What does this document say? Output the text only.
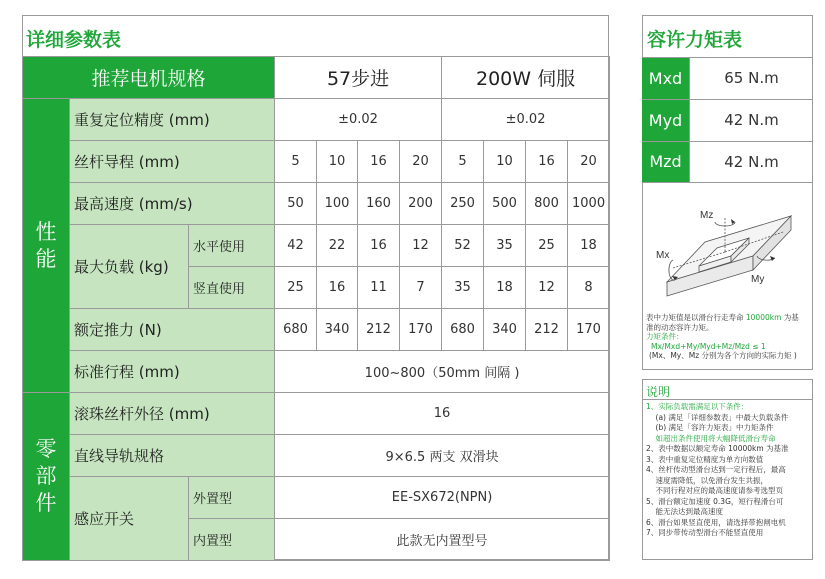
详细参数表
推荐电机规格			57步进				200W 伺服			
性
能	重复定位精度 (mm)		±0.02				±0.02			
	丝杆导程 (mm)		5	10	16	20	5	10	16	20
	最高速度 (mm/s)		50	100	160	200	250	500	800	1000
	最大负载 (kg)	水平使用	42	22	16	12	52	35	25	18
		竖直使用	25	16	11	7	35	18	12	8
	额定推力 (N)		680	340	212	170	680	340	212	170
	标准行程 (mm)		100~800（50mm 间隔 )							
零
部
件	滚珠丝杆外径 (mm)		16							
	直线导轨规格		9×6.5 两支 双滑块							
	感应开关	外置型	EE-SX672(NPN)							
		内置型	此款无内置型号							
容许力矩表
Mxd	65 N.m
Myd	42 N.m
Mzd	42 N.m
Mz
Mx
My
表中力矩值是以滑台行走寿命 10000km 为基
准的动态容许力矩。
力矩条件：
Mx/Mxd+My/Myd+Mz/Mzd ≤ 1
(Mx、My、Mz 分别为各个方向的实际力矩 )
说明
1、实际负载需满足以下条件：
(a) 满足「详细参数表」中最大负载条件
(b) 满足「容许力矩表」中力矩条件
如超出条件使用将大幅降低滑台寿命
2、表中数据以额定寿命 10000km 为基准
3、表中重复定位精度为单方向数值
4、丝杆传动型滑台达到一定行程后，最高
速度需降低，以免滑台发生共振，
不同行程对应的最高速度请参考选型页
5、滑台额定加速度 0.3G，短行程滑台可
能无法达到最高速度
6、滑台如果竖直使用，请选择带抱闸电机
7、同步带传动型滑台不能竖直使用
